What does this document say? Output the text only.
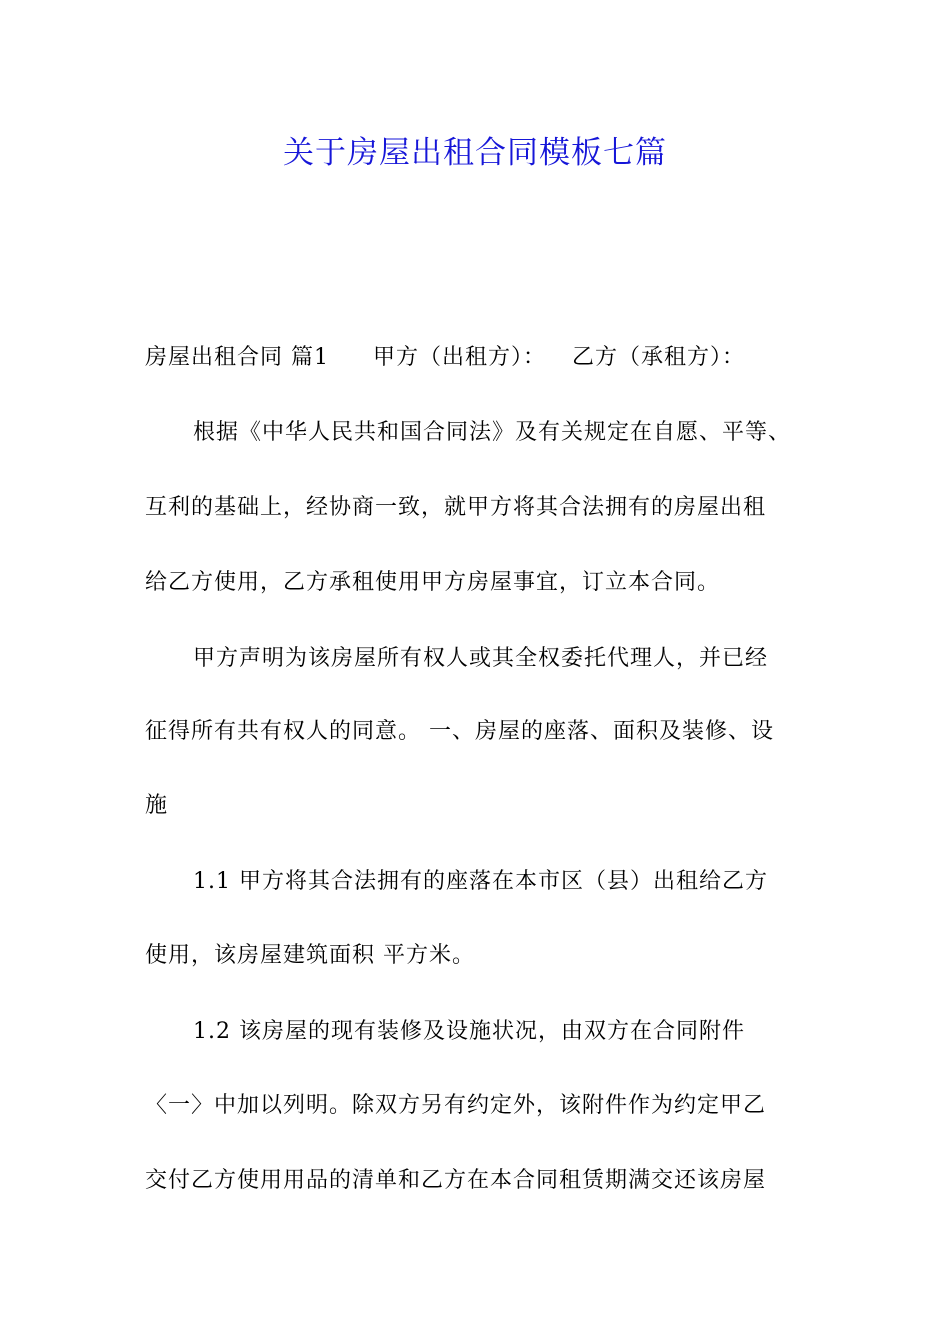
关于房屋出租合同模板七篇
房屋出租合同 篇1 甲方（出租方）： 乙方（承租方）：
根据《中华人民共和国合同法》及有关规定在自愿、平等、
互利的基础上，经协商一致，就甲方将其合法拥有的房屋出租
给乙方使用，乙方承租使用甲方房屋事宜，订立本合同。
甲方声明为该房屋所有权人或其全权委托代理人，并已经
征得所有共有权人的同意。 一、房屋的座落、面积及装修、设
施
1.1 甲方将其合法拥有的座落在本市区（县）出租给乙方
使用，该房屋建筑面积 平方米。
1.2 该房屋的现有装修及设施状况，由双方在合同附件
〈一〉中加以列明。除双方另有约定外，该附件作为约定甲乙
交付乙方使用用品的清单和乙方在本合同租赁期满交还该房屋
